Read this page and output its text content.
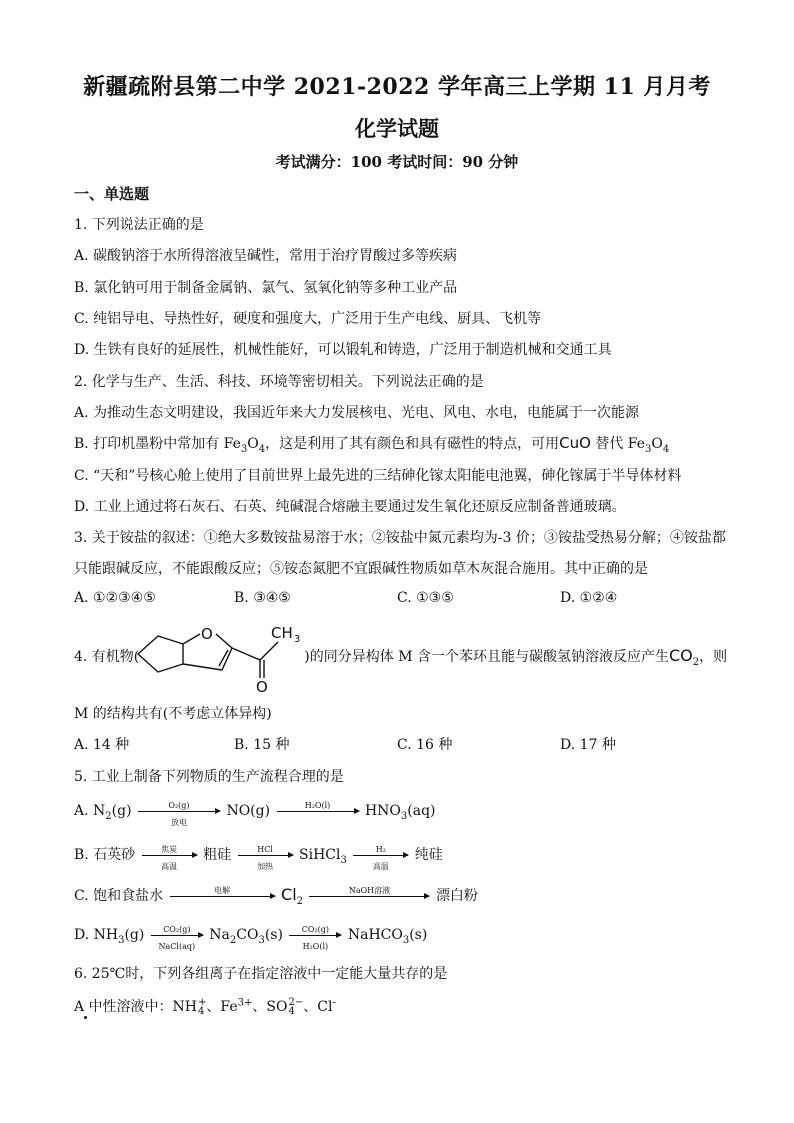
新疆疏附县第二中学 2021-2022 学年高三上学期 11 月月考
化学试题
考试满分：100 考试时间：90 分钟
一、单选题
1. 下列说法正确的是
A. 碳酸钠溶于水所得溶液呈碱性，常用于治疗胃酸过多等疾病
B. 氯化钠可用于制备金属钠、氯气、氢氧化钠等多种工业产品
C. 纯铝导电、导热性好，硬度和强度大，广泛用于生产电线、厨具、飞机等
D. 生铁有良好的延展性，机械性能好，可以锻轧和铸造，广泛用于制造机械和交通工具
2. 化学与生产、生活、科技、环境等密切相关。下列说法正确的是
A. 为推动生态文明建设，我国近年来大力发展核电、光电、风电、水电，电能属于一次能源
B. 打印机墨粉中常加有 $Fe_3O_4$，这是利用了其有颜色和具有磁性的特点，可用CuO 替代 $Fe_3O_4$
C. “天和”号核心舱上使用了目前世界上最先进的三结砷化镓太阳能电池翼，砷化镓属于半导体材料
D. 工业上通过将石灰石、石英、纯碱混合熔融主要通过发生氧化还原反应制备普通玻璃。
3. 关于铵盐的叙述：①绝大多数铵盐易溶于水；②铵盐中氮元素均为-3 价；③铵盐受热易分解；④铵盐都
只能跟碱反应，不能跟酸反应；⑤铵态氮肥不宜跟碱性物质如草木灰混合施用。其中正确的是
A. ①②③④⑤	B. ③④⑤	C. ①③⑤	D. ①②④
4. 有机物(	)的同分异构体 M 含一个苯环且能与碳酸氢钠溶液反应产生$CO_2$，则
O	CH 3
O
M 的结构共有(不考虑立体异构)
A. 14 种	B. 15 种	C. 16 种	D. 17 种
5. 工业上制备下列物质的生产流程合理的是
A. $N_2(g)$	O₂(g)
放电
NO(g)	H₂O(l)	$HNO_3(aq)$
B. 石英砂	焦炭
高温
粗硅	HCl
加热
SiHCl$_3$
H₂
高温
纯硅
C. 饱和食盐水	电解	$Cl_2$
NaOH溶液	漂白粉
D. $NH_3(g)$	CO₂(g)
NaCl(aq)
$Na_2CO_3(s) \frac{\text{CO₂(g)}}{\text{H₂O(l)}}$ NaHCO$_3$(s)
6. 25℃时，下列各组离子在指定溶液中一定能大量共存的是
A 中性溶液中：NH+
4 、$Fe^{3+}$、SO2−
4 、Cl-
